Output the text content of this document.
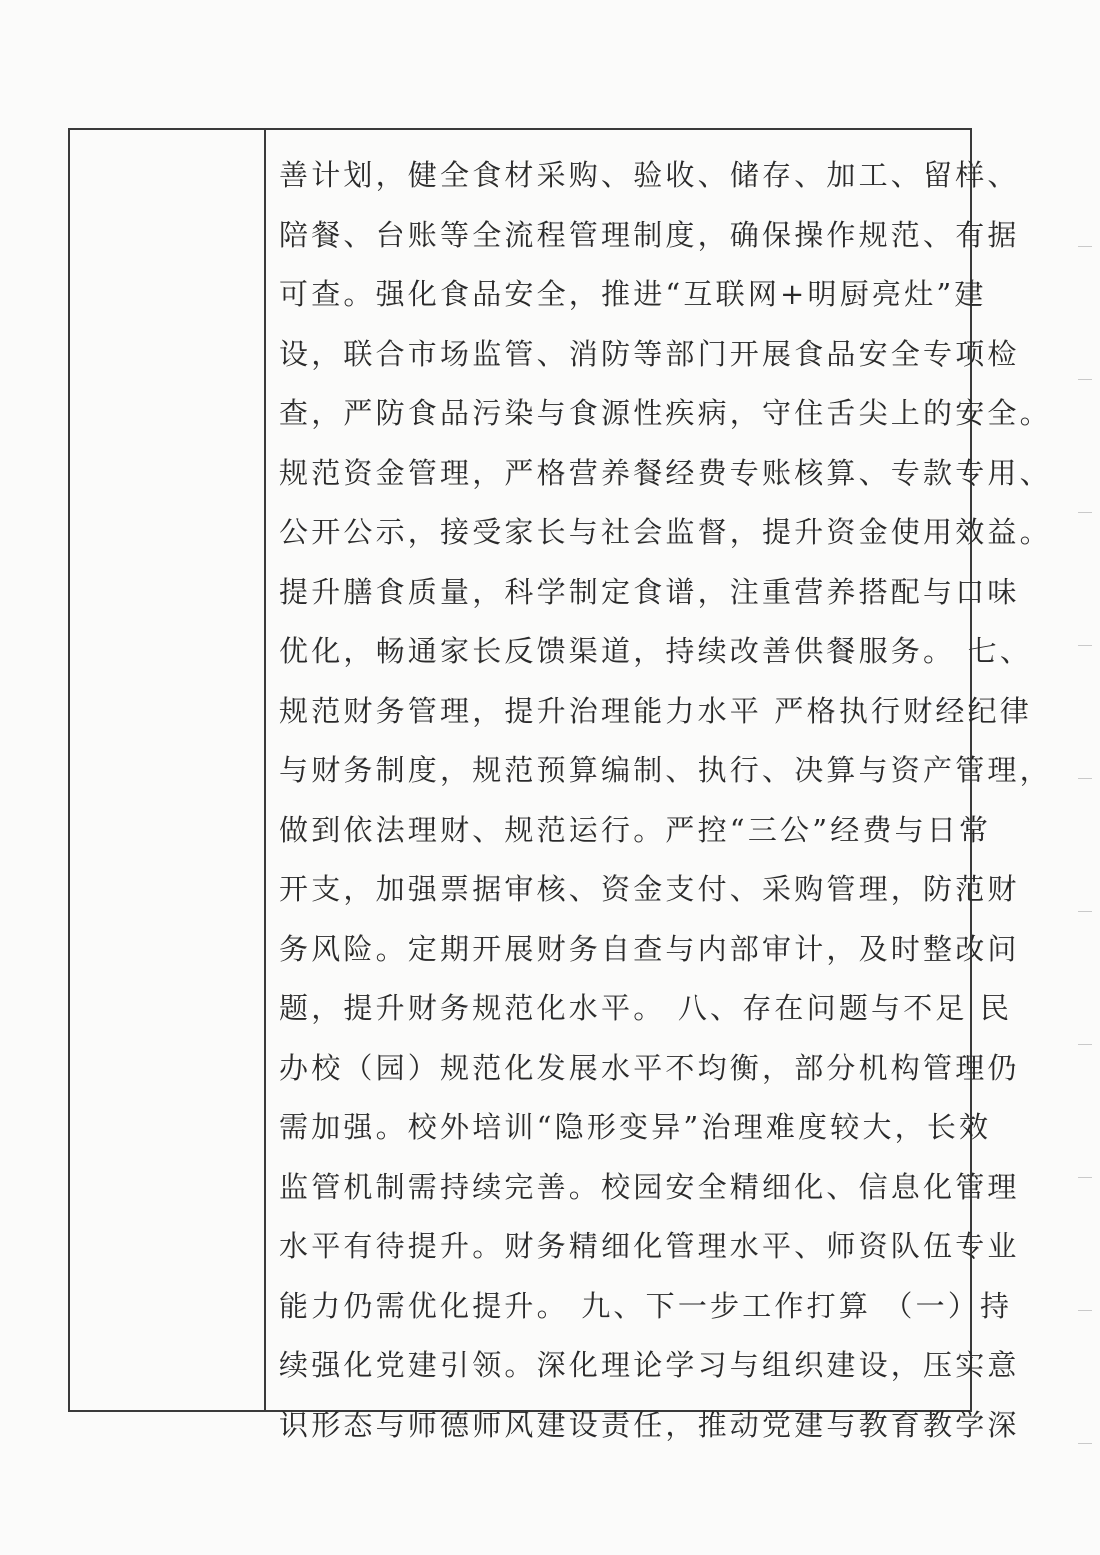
善计划，健全食材采购、验收、储存、加工、留样、
陪餐、台账等全流程管理制度，确保操作规范、有据
可查。强化食品安全，推进“互联网+明厨亮灶”建
设，联合市场监管、消防等部门开展食品安全专项检
查，严防食品污染与食源性疾病，守住舌尖上的安全。
规范资金管理，严格营养餐经费专账核算、专款专用、
公开公示，接受家长与社会监督，提升资金使用效益。
提升膳食质量，科学制定食谱，注重营养搭配与口味
优化，畅通家长反馈渠道，持续改善供餐服务。 七、
规范财务管理，提升治理能力水平 严格执行财经纪律
与财务制度，规范预算编制、执行、决算与资产管理，
做到依法理财、规范运行。严控“三公”经费与日常
开支，加强票据审核、资金支付、采购管理，防范财
务风险。定期开展财务自查与内部审计，及时整改问
题，提升财务规范化水平。 八、存在问题与不足 民
办校（园）规范化发展水平不均衡，部分机构管理仍
需加强。校外培训“隐形变异”治理难度较大，长效
监管机制需持续完善。校园安全精细化、信息化管理
水平有待提升。财务精细化管理水平、师资队伍专业
能力仍需优化提升。 九、下一步工作打算 （一）持
续强化党建引领。深化理论学习与组织建设，压实意
识形态与师德师风建设责任，推动党建与教育教学深
